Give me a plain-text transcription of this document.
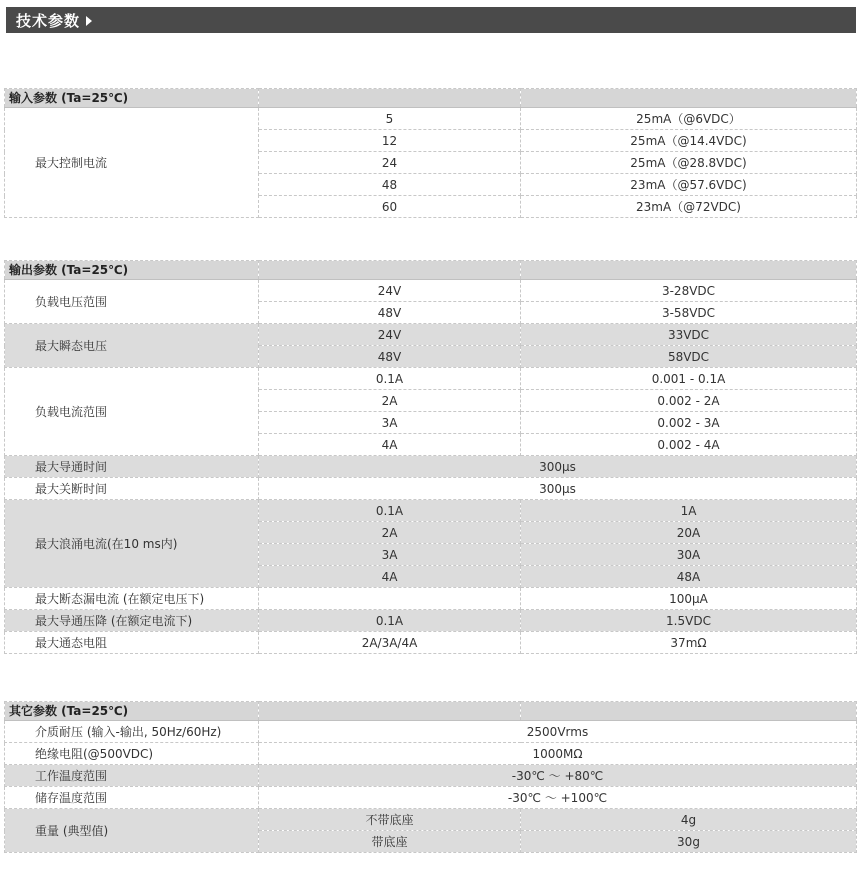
技术参数
输入参数 (Ta=25℃)		
最大控制电流	5	25mA（@6VDC）
	12	25mA（@14.4VDC)
	24	25mA（@28.8VDC)
	48	23mA（@57.6VDC)
	60	23mA（@72VDC)
输出参数 (Ta=25℃)		
负载电压范围	24V	3-28VDC
	48V	3-58VDC
最大瞬态电压	24V	33VDC
	48V	58VDC
负载电流范围	0.1A	0.001 - 0.1A
	2A	0.002 - 2A
	3A	0.002 - 3A
	4A	0.002 - 4A
最大导通时间	300μs	
最大关断时间	300μs	
最大浪涌电流(在10 ms内)	0.1A	1A
	2A	20A
	3A	30A
	4A	48A
最大断态漏电流 (在额定电压下)		100μA
最大导通压降 (在额定电流下)	0.1A	1.5VDC
最大通态电阻	2A/3A/4A	37mΩ
其它参数 (Ta=25℃)		
介质耐压 (输入-输出, 50Hz/60Hz)	2500Vrms	
绝缘电阻(@500VDC)	1000MΩ	
工作温度范围	-30℃ ～ +80℃	
储存温度范围	-30℃ ～ +100℃	
重量 (典型值)	不带底座	4g
	带底座	30g
